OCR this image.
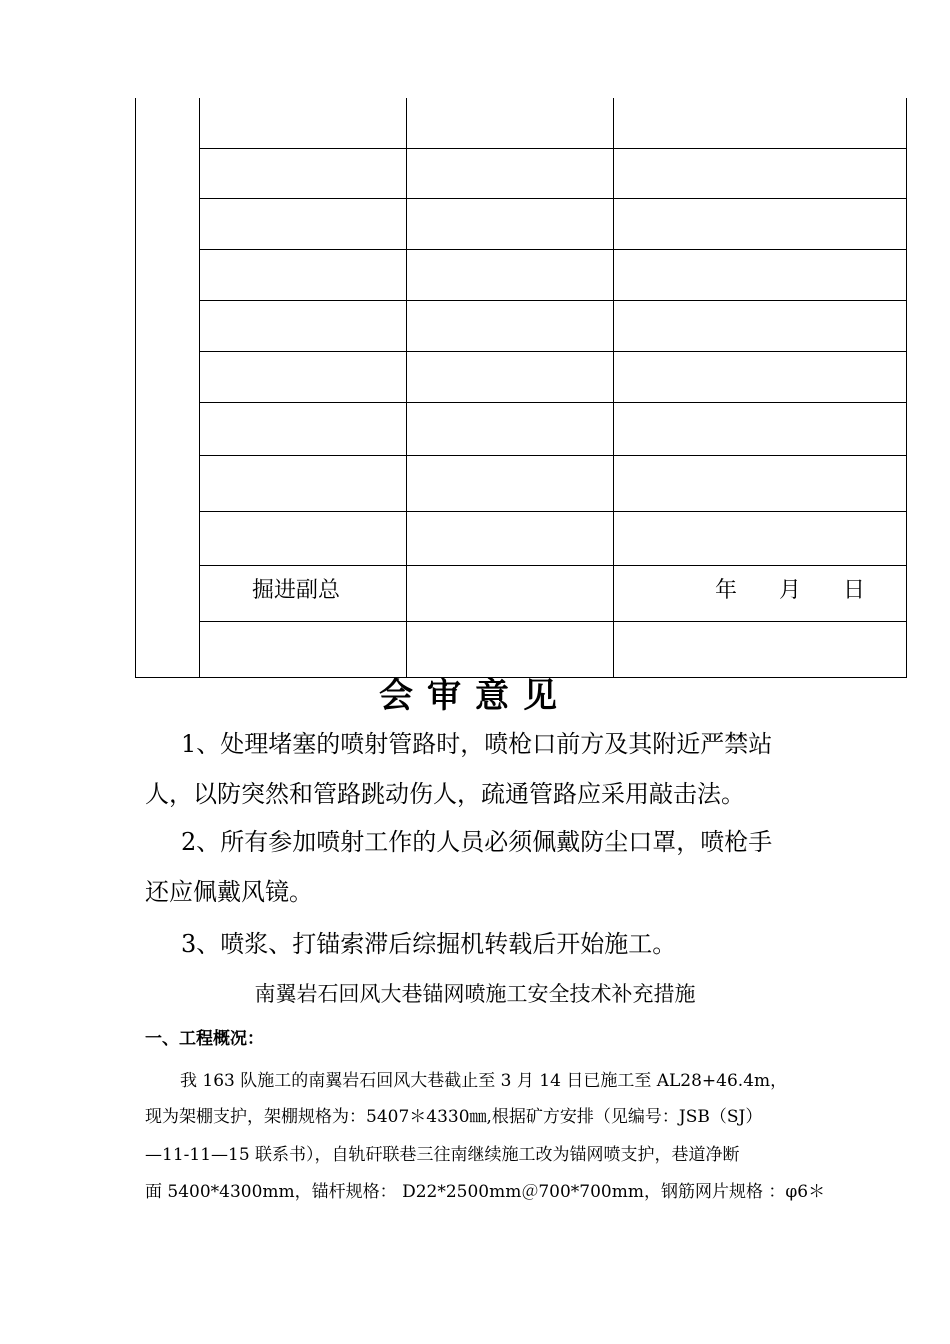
掘进副总	年 月 日
会审意见
1、处理堵塞的喷射管路时，喷枪口前方及其附近严禁站
人，以防突然和管路跳动伤人，疏通管路应采用敲击法。
2、所有参加喷射工作的人员必须佩戴防尘口罩，喷枪手
还应佩戴风镜。
3、喷浆、打锚索滞后综掘机转载后开始施工。
南翼岩石回风大巷锚网喷施工安全技术补充措施
一、工程概况：
我 163 队施工的南翼岩石回风大巷截止至 3 月 14 日已施工至 AL28+46.4m，
现为架棚支护，架棚规格为：5407＊4330㎜,根据矿方安排（见编号：JSB（SJ）
—11-11—15 联系书），自轨矸联巷三往南继续施工改为锚网喷支护，巷道净断
面 5400*4300mm，锚杆规格： D22*2500mm＠700*700mm，钢筋网片规格 ：φ6＊
